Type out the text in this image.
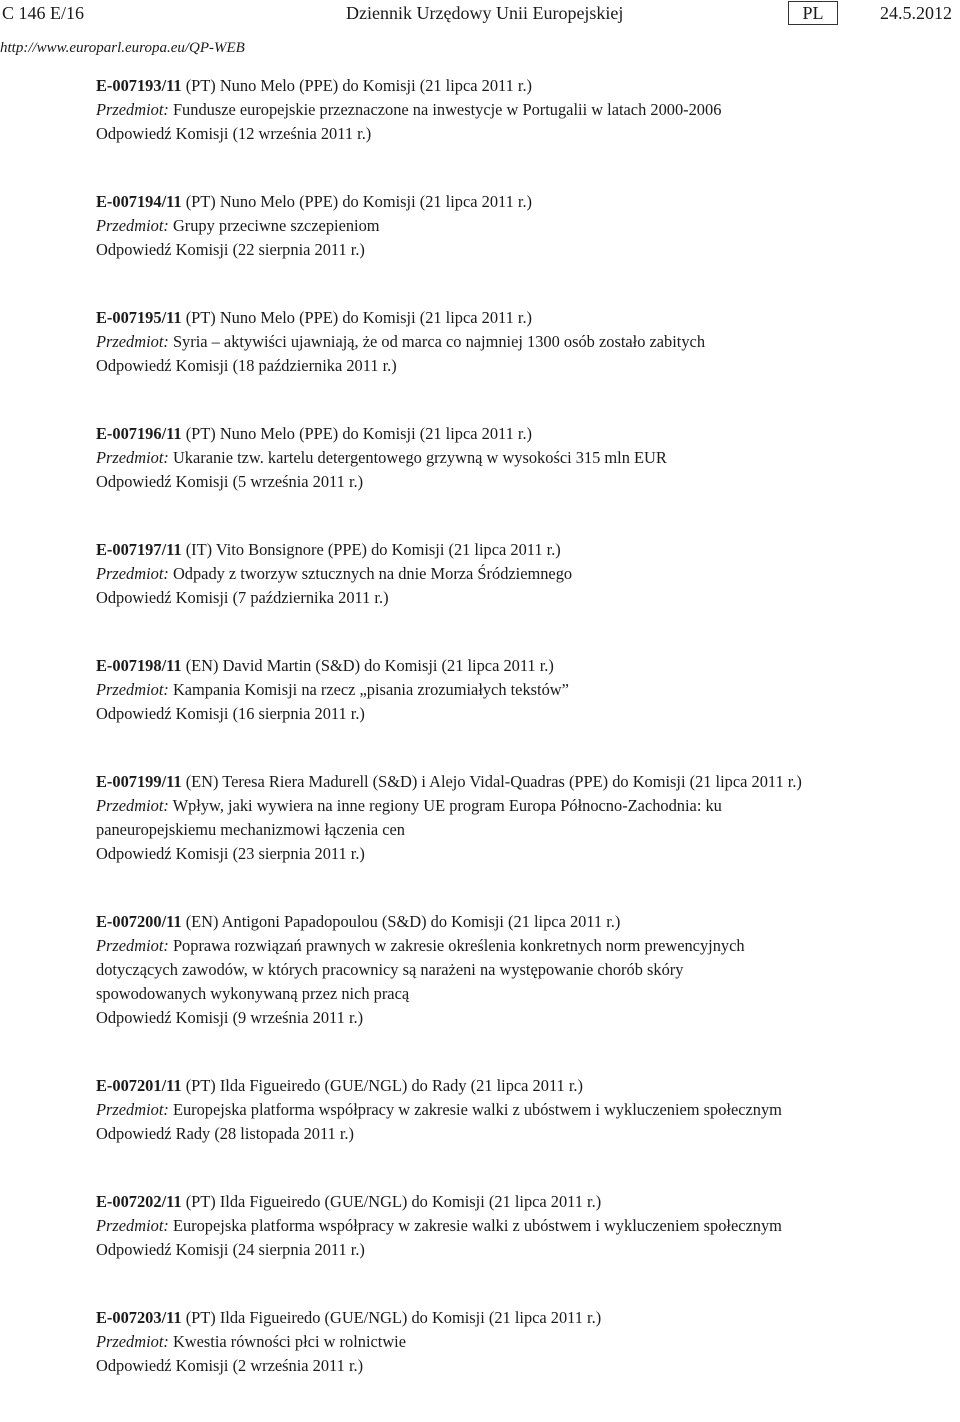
C 146 E/16	Dziennik Urzędowy Unii Europejskiej	PL	24.5.2012
http://www.europarl.europa.eu/QP-WEB
E-007193/11 (PT) Nuno Melo (PPE) do Komisji (21 lipca 2011 r.)
Przedmiot: Fundusze europejskie przeznaczone na inwestycje w Portugalii w latach 2000-2006
Odpowiedź Komisji (12 września 2011 r.)
E-007194/11 (PT) Nuno Melo (PPE) do Komisji (21 lipca 2011 r.)
Przedmiot: Grupy przeciwne szczepieniom
Odpowiedź Komisji (22 sierpnia 2011 r.)
E-007195/11 (PT) Nuno Melo (PPE) do Komisji (21 lipca 2011 r.)
Przedmiot: Syria – aktywiści ujawniają, że od marca co najmniej 1300 osób zostało zabitych
Odpowiedź Komisji (18 października 2011 r.)
E-007196/11 (PT) Nuno Melo (PPE) do Komisji (21 lipca 2011 r.)
Przedmiot: Ukaranie tzw. kartelu detergentowego grzywną w wysokości 315 mln EUR
Odpowiedź Komisji (5 września 2011 r.)
E-007197/11 (IT) Vito Bonsignore (PPE) do Komisji (21 lipca 2011 r.)
Przedmiot: Odpady z tworzyw sztucznych na dnie Morza Śródziemnego
Odpowiedź Komisji (7 października 2011 r.)
E-007198/11 (EN) David Martin (S&D) do Komisji (21 lipca 2011 r.)
Przedmiot: Kampania Komisji na rzecz „pisania zrozumiałych tekstów”
Odpowiedź Komisji (16 sierpnia 2011 r.)
E-007199/11 (EN) Teresa Riera Madurell (S&D) i Alejo Vidal-Quadras (PPE) do Komisji (21 lipca 2011 r.)
Przedmiot: Wpływ, jaki wywiera na inne regiony UE program Europa Północno-Zachodnia: ku paneuropejskiemu mechanizmowi łączenia cen
Odpowiedź Komisji (23 sierpnia 2011 r.)
E-007200/11 (EN) Antigoni Papadopoulou (S&D) do Komisji (21 lipca 2011 r.)
Przedmiot: Poprawa rozwiązań prawnych w zakresie określenia konkretnych norm prewencyjnych dotyczących zawodów, w których pracownicy są narażeni na występowanie chorób skóry spowodowanych wykonywaną przez nich pracą
Odpowiedź Komisji (9 września 2011 r.)
E-007201/11 (PT) Ilda Figueiredo (GUE/NGL) do Rady (21 lipca 2011 r.)
Przedmiot: Europejska platforma współpracy w zakresie walki z ubóstwem i wykluczeniem społecznym
Odpowiedź Rady (28 listopada 2011 r.)
E-007202/11 (PT) Ilda Figueiredo (GUE/NGL) do Komisji (21 lipca 2011 r.)
Przedmiot: Europejska platforma współpracy w zakresie walki z ubóstwem i wykluczeniem społecznym
Odpowiedź Komisji (24 sierpnia 2011 r.)
E-007203/11 (PT) Ilda Figueiredo (GUE/NGL) do Komisji (21 lipca 2011 r.)
Przedmiot: Kwestia równości płci w rolnictwie
Odpowiedź Komisji (2 września 2011 r.)
